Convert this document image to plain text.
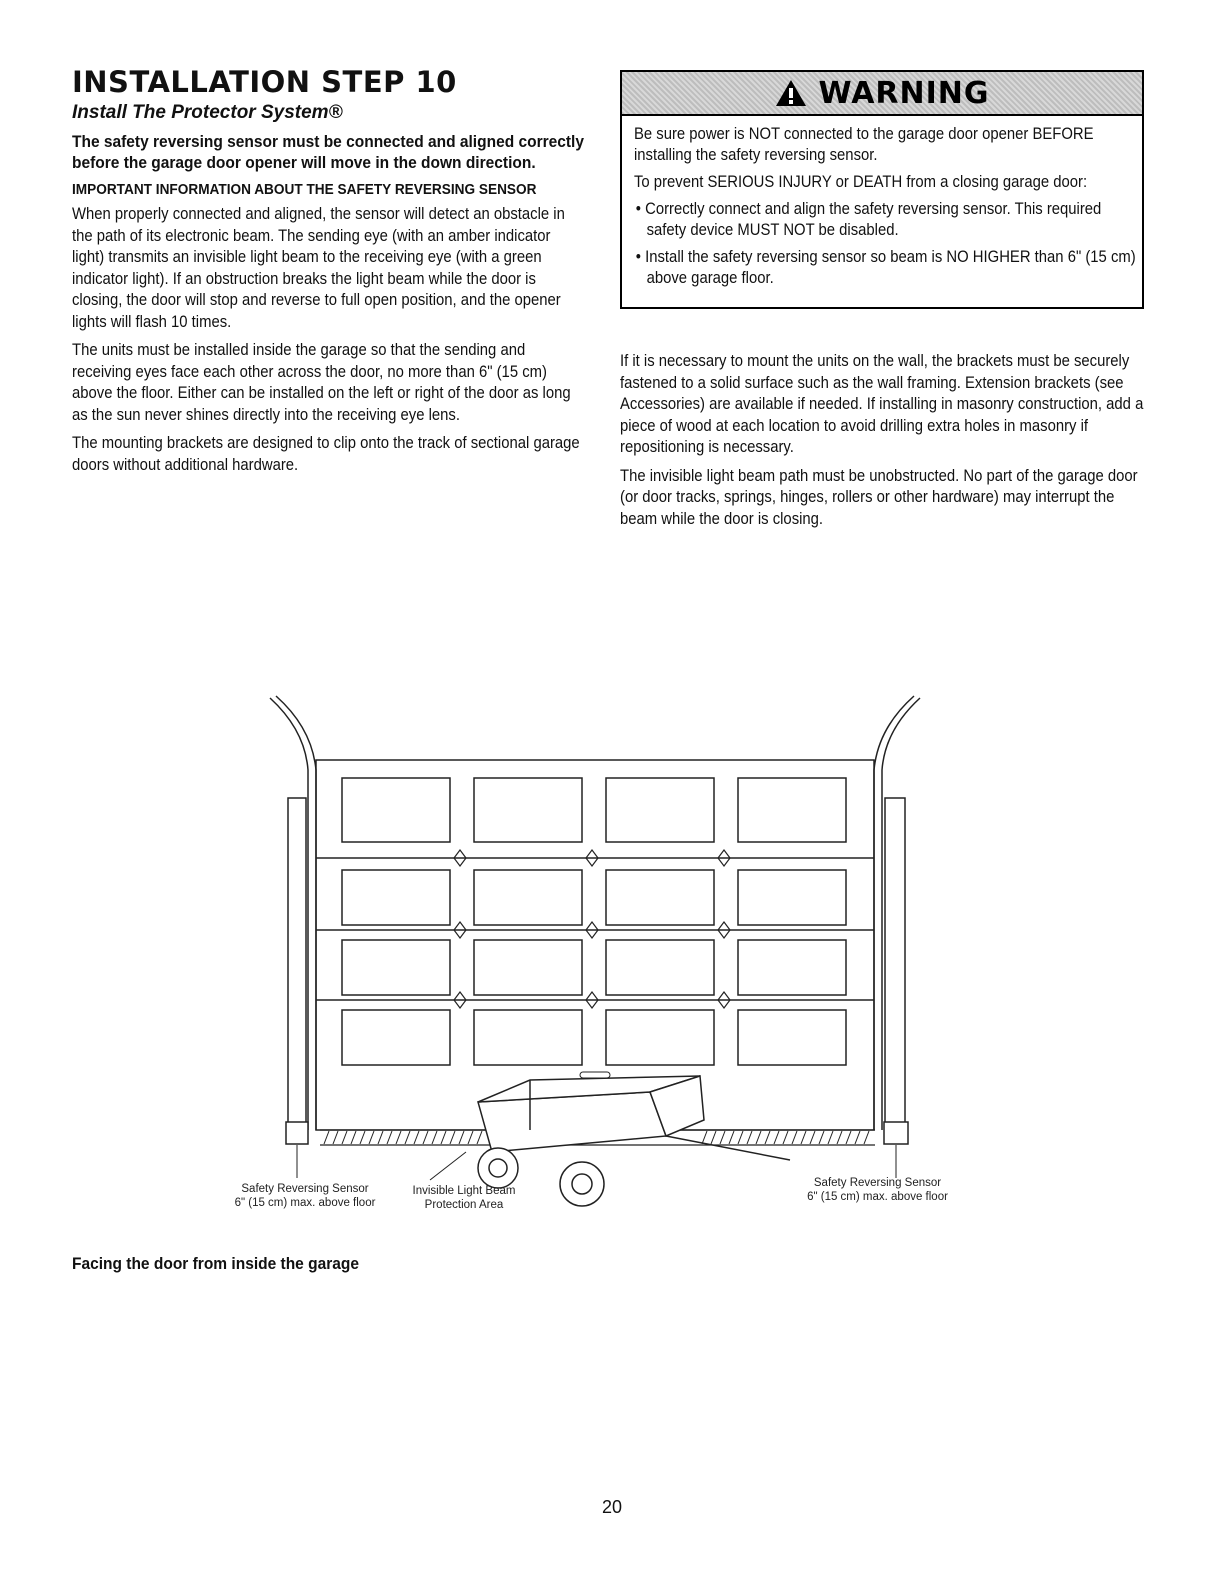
INSTALLATION STEP 10
Install The Protector System®

The safety reversing sensor must be connected and aligned correctly before the garage door opener will move in the down direction.

IMPORTANT INFORMATION ABOUT THE SAFETY REVERSING SENSOR

When properly connected and aligned, the sensor will detect an obstacle in the path of its electronic beam. The sending eye (with an amber indicator light) transmits an invisible light beam to the receiving eye (with a green indicator light). If an obstruction breaks the light beam while the door is closing, the door will stop and reverse to full open position, and the opener lights will flash 10 times.

The units must be installed inside the garage so that the sending and receiving eyes face each other across the door, no more than 6" (15 cm) above the floor. Either can be installed on the left or right of the door as long as the sun never shines directly into the receiving eye lens.

The mounting brackets are designed to clip onto the track of sectional garage doors without additional hardware.

WARNING

Be sure power is NOT connected to the garage door opener BEFORE installing the safety reversing sensor.

To prevent SERIOUS INJURY or DEATH from a closing garage door:

• Correctly connect and align the safety reversing sensor. This required safety device MUST NOT be disabled.
• Install the safety reversing sensor so beam is NO HIGHER than 6" (15 cm) above garage floor.

If it is necessary to mount the units on the wall, the brackets must be securely fastened to a solid surface such as the wall framing. Extension brackets (see Accessories) are available if needed. If installing in masonry construction, add a piece of wood at each location to avoid drilling extra holes in masonry if repositioning is necessary.

The invisible light beam path must be unobstructed. No part of the garage door (or door tracks, springs, hinges, rollers or other hardware) may interrupt the beam while the door is closing.

Safety Reversing Sensor
6" (15 cm) max. above floor
Invisible Light Beam
Protection Area
Safety Reversing Sensor
6" (15 cm) max. above floor
Facing the door from inside the garage
20
